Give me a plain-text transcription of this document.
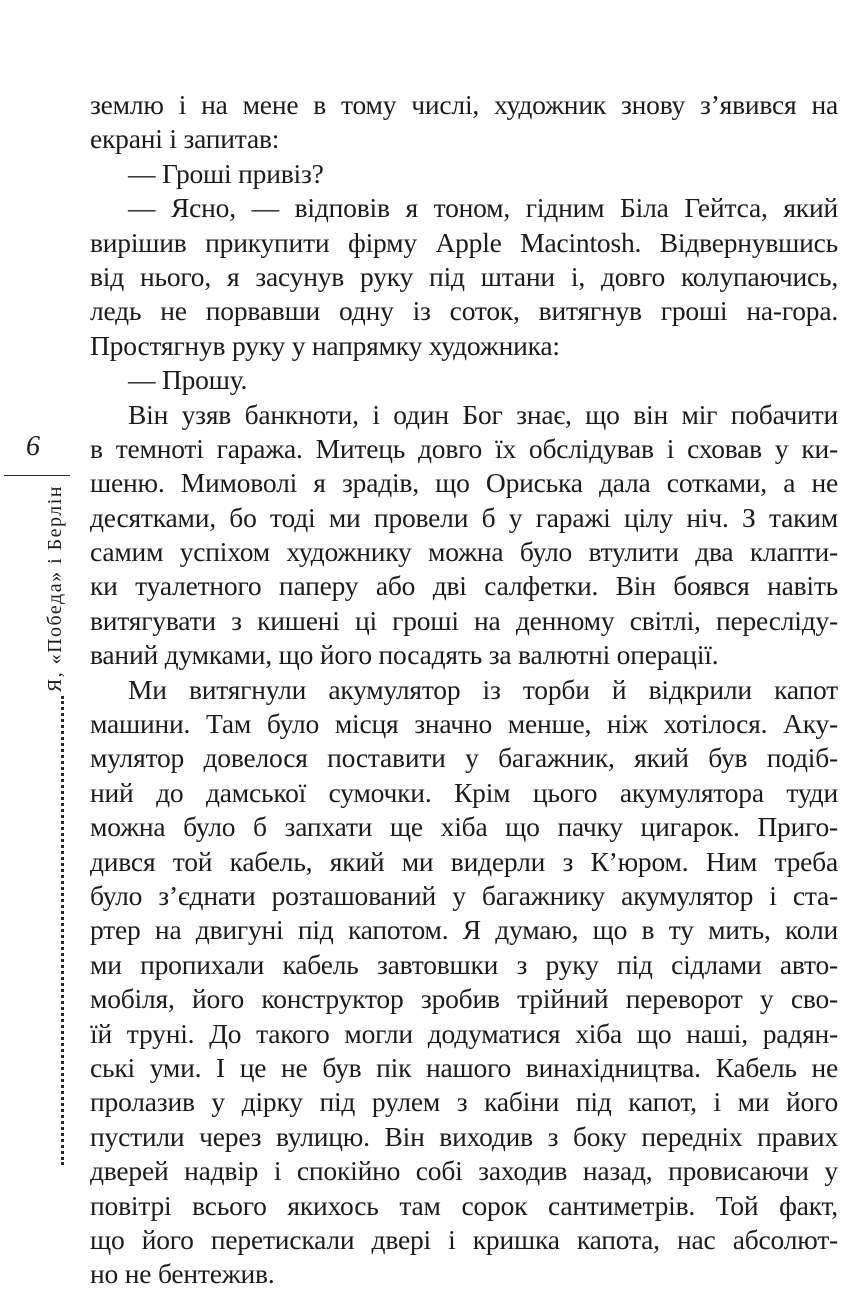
6
Я, «Победа» і Берлін
землю і на мене в тому числі, художник знову з’явився на
екрані і запитав:
— Гроші привіз?
— Ясно, — відповів я тоном, гідним Біла Гейтса, який
вирішив прикупити фірму Apple Macintosh. Відвернувшись
від нього, я засунув руку під штани і, довго колупаючись,
ледь не порвавши одну із соток, витягнув гроші на-гора.
Простягнув руку у напрямку художника:
— Прошу.
Він узяв банкноти, і один Бог знає, що він міг побачити
в темноті гаража. Митець довго їх обслідував і сховав у ки-
шеню. Мимоволі я зрадів, що Ориська дала сотками, а не
десятками, бо тоді ми провели б у гаражі цілу ніч. З таким
самим успіхом художнику можна було втулити два клапти-
ки туалетного паперу або дві салфетки. Він боявся навіть
витягувати з кишені ці гроші на денному світлі, пересліду-
ваний думками, що його посадять за валютні операції.
Ми витягнули акумулятор із торби й відкрили капот
машини. Там було місця значно менше, ніж хотілося. Аку-
мулятор довелося поставити у багажник, який був подіб-
ний до дамської сумочки. Крім цього акумулятора туди
можна було б запхати ще хіба що пачку цигарок. Приго-
дився той кабель, який ми видерли з К’юром. Ним треба
було з’єднати розташований у багажнику акумулятор і ста-
ртер на двигуні під капотом. Я думаю, що в ту мить, коли
ми пропихали кабель завтовшки з руку під сідлами авто-
мобіля, його конструктор зробив трійний переворот у сво-
їй труні. До такого могли додуматися хіба що наші, радян-
ські уми. І це не був пік нашого винахідництва. Кабель не
пролазив у дірку під рулем з кабіни під капот, і ми його
пустили через вулицю. Він виходив з боку передніх правих
дверей надвір і спокійно собі заходив назад, провисаючи у
повітрі всього якихось там сорок сантиметрів. Той факт,
що його перетискали двері і кришка капота, нас абсолют-
но не бентежив.
